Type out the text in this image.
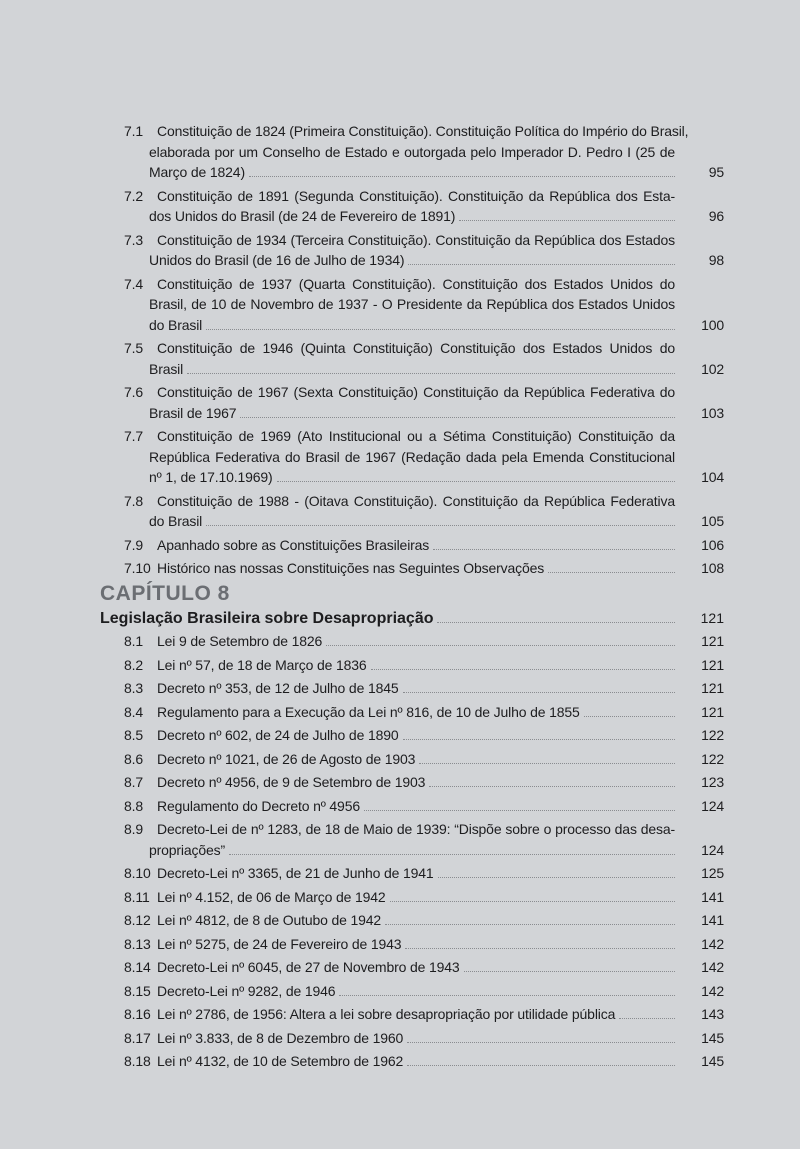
CAPÍTULO 8
Legislação Brasileira sobre Desapropriação	121
7.1 Constituição de 1824 (Primeira Constituição). Constituição Política do Império do Brasil,
elaborada por um Conselho de Estado e outorgada pelo Imperador D. Pedro I (25 de
Março de 1824)	95
7.2 Constituição de 1891 (Segunda Constituição). Constituição da República dos Esta-
dos Unidos do Brasil (de 24 de Fevereiro de 1891)	96
7.3 Constituição de 1934 (Terceira Constituição). Constituição da República dos Estados
Unidos do Brasil (de 16 de Julho de 1934)	98
7.4 Constituição de 1937 (Quarta Constituição). Constituição dos Estados Unidos do
Brasil, de 10 de Novembro de 1937 - O Presidente da República dos Estados Unidos
do Brasil	100
7.5 Constituição de 1946 (Quinta Constituição) Constituição dos Estados Unidos do
Brasil	102
7.6 Constituição de 1967 (Sexta Constituição) Constituição da República Federativa do
Brasil de 1967	103
7.7 Constituição de 1969 (Ato Institucional ou a Sétima Constituição) Constituição da
República Federativa do Brasil de 1967 (Redação dada pela Emenda Constitucional
nº 1, de 17.10.1969)	104
7.8 Constituição de 1988 - (Oitava Constituição). Constituição da República Federativa
do Brasil	105
7.9 Apanhado sobre as Constituições Brasileiras	106
7.10 Histórico nas nossas Constituições nas Seguintes Observações	108
8.1 Lei 9 de Setembro de 1826	121
8.2 Lei nº 57, de 18 de Março de 1836	121
8.3 Decreto nº 353, de 12 de Julho de 1845	121
8.4 Regulamento para a Execução da Lei nº 816, de 10 de Julho de 1855	121
8.5 Decreto nº 602, de 24 de Julho de 1890	122
8.6 Decreto nº 1021, de 26 de Agosto de 1903	122
8.7 Decreto nº 4956, de 9 de Setembro de 1903	123
8.8 Regulamento do Decreto nº 4956	124
8.9 Decreto-Lei de nº 1283, de 18 de Maio de 1939: “Dispõe sobre o processo das desa-
propriações”	124
8.10 Decreto-Lei nº 3365, de 21 de Junho de 1941	125
8.11 Lei nº 4.152, de 06 de Março de 1942	141
8.12 Lei nº 4812, de 8 de Outubo de 1942	141
8.13 Lei nº 5275, de 24 de Fevereiro de 1943	142
8.14 Decreto-Lei nº 6045, de 27 de Novembro de 1943	142
8.15 Decreto-Lei nº 9282, de 1946	142
8.16 Lei nº 2786, de 1956: Altera a lei sobre desapropriação por utilidade pública	143
8.17 Lei nº 3.833, de 8 de Dezembro de 1960	145
8.18 Lei nº 4132, de 10 de Setembro de 1962	145
